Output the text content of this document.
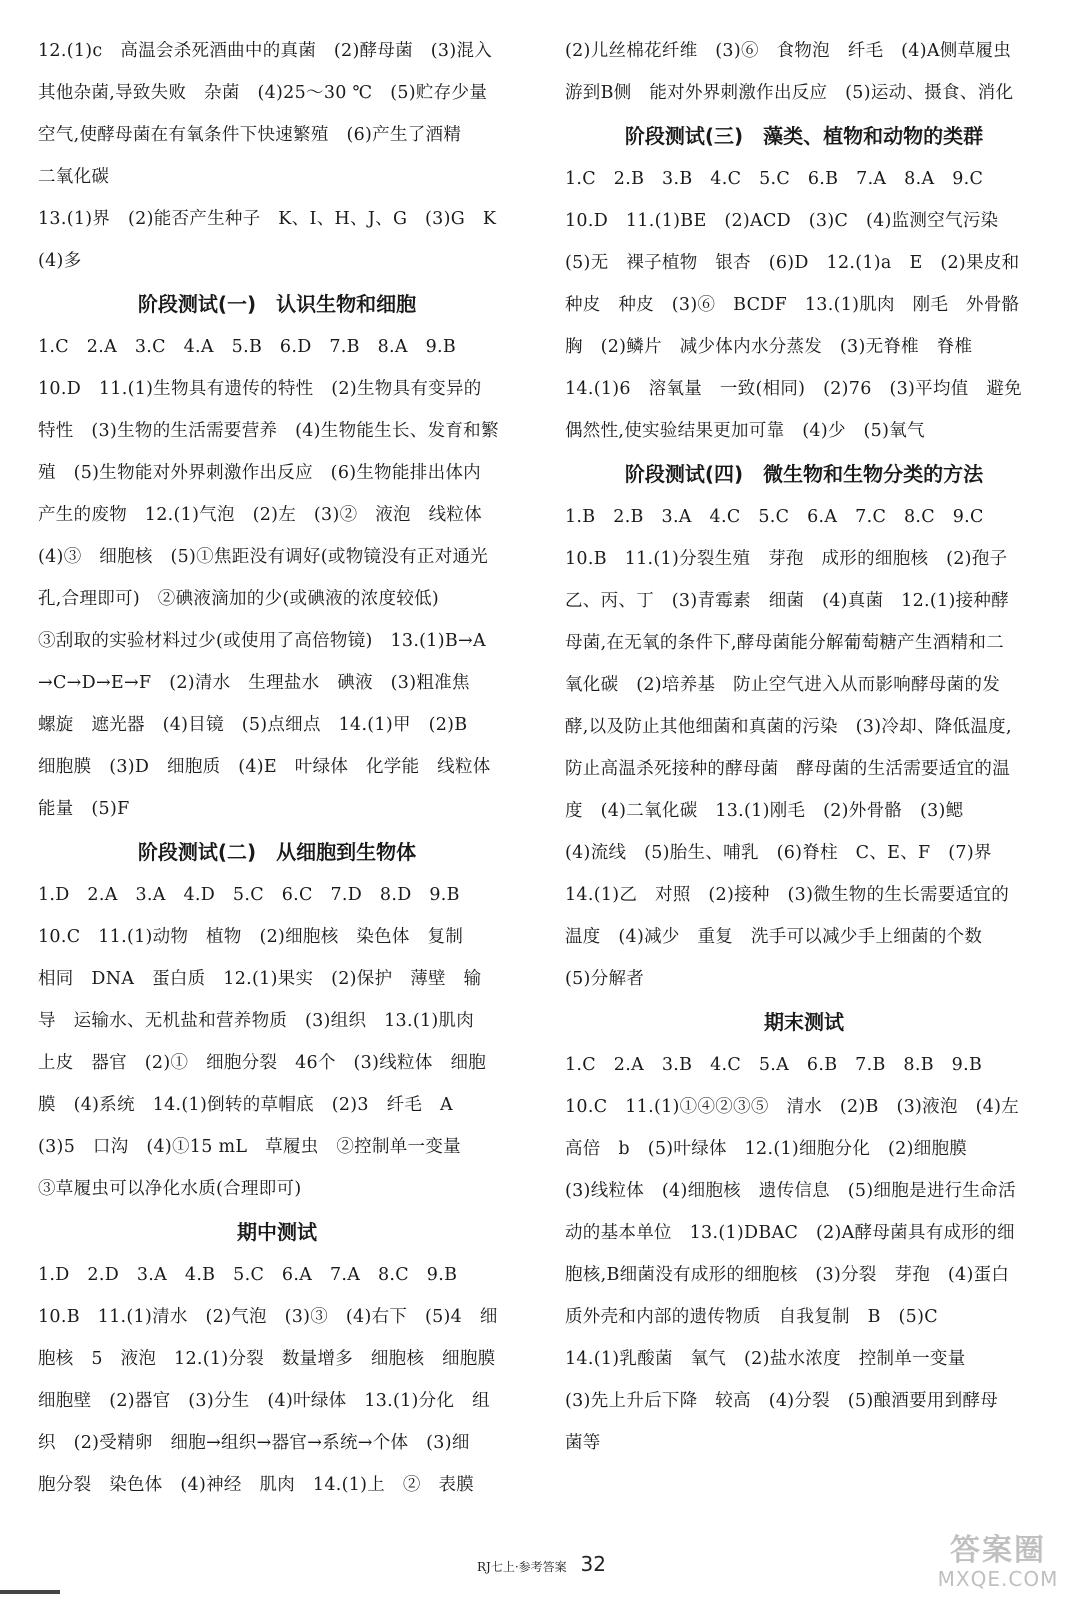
12.(1)c　高温会杀死酒曲中的真菌　(2)酵母菌　(3)混入
其他杂菌,导致失败　杂菌　(4)25～30 ℃　(5)贮存少量
空气,使酵母菌在有氧条件下快速繁殖　(6)产生了酒精
二氧化碳
13.(1)界　(2)能否产生种子　K、I、H、J、G　(3)G　K
(4)多
阶段测试(一)　认识生物和细胞
1.C　2.A　3.C　4.A　5.B　6.D　7.B　8.A　9.B
10.D　11.(1)生物具有遗传的特性　(2)生物具有变异的
特性　(3)生物的生活需要营养　(4)生物能生长、发育和繁
殖　(5)生物能对外界刺激作出反应　(6)生物能排出体内
产生的废物　12.(1)气泡　(2)左　(3)②　液泡　线粒体
(4)③　细胞核　(5)①焦距没有调好(或物镜没有正对通光
孔,合理即可)　②碘液滴加的少(或碘液的浓度较低)
③刮取的实验材料过少(或使用了高倍物镜)　13.(1)B→A
→C→D→E→F　(2)清水　生理盐水　碘液　(3)粗准焦
螺旋　遮光器　(4)目镜　(5)点细点　14.(1)甲　(2)B
细胞膜　(3)D　细胞质　(4)E　叶绿体　化学能　线粒体
能量　(5)F
阶段测试(二)　从细胞到生物体
1.D　2.A　3.A　4.D　5.C　6.C　7.D　8.D　9.B
10.C　11.(1)动物　植物　(2)细胞核　染色体　复制
相同　DNA　蛋白质　12.(1)果实　(2)保护　薄壁　输
导　运输水、无机盐和营养物质　(3)组织　13.(1)肌肉
上皮　器官　(2)①　细胞分裂　46个　(3)线粒体　细胞
膜　(4)系统　14.(1)倒转的草帽底　(2)3　纤毛　A
(3)5　口沟　(4)①15 mL　草履虫　②控制单一变量
③草履虫可以净化水质(合理即可)
期中测试
1.D　2.D　3.A　4.B　5.C　6.A　7.A　8.C　9.B
10.B　11.(1)清水　(2)气泡　(3)③　(4)右下　(5)4　细
胞核　5　液泡　12.(1)分裂　数量增多　细胞核　细胞膜
细胞壁　(2)器官　(3)分生　(4)叶绿体　13.(1)分化　组
织　(2)受精卵　细胞→组织→器官→系统→个体　(3)细
胞分裂　染色体　(4)神经　肌肉　14.(1)上　②　表膜
(2)儿丝棉花纤维　(3)⑥　食物泡　纤毛　(4)A侧草履虫
游到B侧　能对外界刺激作出反应　(5)运动、摄食、消化
阶段测试(三)　藻类、植物和动物的类群
1.C　2.B　3.B　4.C　5.C　6.B　7.A　8.A　9.C
10.D　11.(1)BE　(2)ACD　(3)C　(4)监测空气污染
(5)无　裸子植物　银杏　(6)D　12.(1)a　E　(2)果皮和
种皮　种皮　(3)⑥　BCDF　13.(1)肌肉　刚毛　外骨骼
胸　(2)鳞片　减少体内水分蒸发　(3)无脊椎　脊椎
14.(1)6　溶氧量　一致(相同)　(2)76　(3)平均值　避免
偶然性,使实验结果更加可靠　(4)少　(5)氧气
阶段测试(四)　微生物和生物分类的方法
1.B　2.B　3.A　4.C　5.C　6.A　7.C　8.C　9.C
10.B　11.(1)分裂生殖　芽孢　成形的细胞核　(2)孢子
乙、丙、丁　(3)青霉素　细菌　(4)真菌　12.(1)接种酵
母菌,在无氧的条件下,酵母菌能分解葡萄糖产生酒精和二
氧化碳　(2)培养基　防止空气进入从而影响酵母菌的发
酵,以及防止其他细菌和真菌的污染　(3)冷却、降低温度,
防止高温杀死接种的酵母菌　酵母菌的生活需要适宜的温
度　(4)二氧化碳　13.(1)刚毛　(2)外骨骼　(3)鳃
(4)流线　(5)胎生、哺乳　(6)脊柱　C、E、F　(7)界
14.(1)乙　对照　(2)接种　(3)微生物的生长需要适宜的
温度　(4)减少　重复　洗手可以减少手上细菌的个数
(5)分解者
期末测试
1.C　2.A　3.B　4.C　5.A　6.B　7.B　8.B　9.B
10.C　11.(1)①④②③⑤　清水　(2)B　(3)液泡　(4)左
高倍　b　(5)叶绿体　12.(1)细胞分化　(2)细胞膜
(3)线粒体　(4)细胞核　遗传信息　(5)细胞是进行生命活
动的基本单位　13.(1)DBAC　(2)A酵母菌具有成形的细
胞核,B细菌没有成形的细胞核　(3)分裂　芽孢　(4)蛋白
质外壳和内部的遗传物质　自我复制　B　(5)C
14.(1)乳酸菌　氧气　(2)盐水浓度　控制单一变量
(3)先上升后下降　较高　(4)分裂　(5)酿酒要用到酵母
菌等
RJ七上·参考答案 32	答案圈
MXQE.COM
